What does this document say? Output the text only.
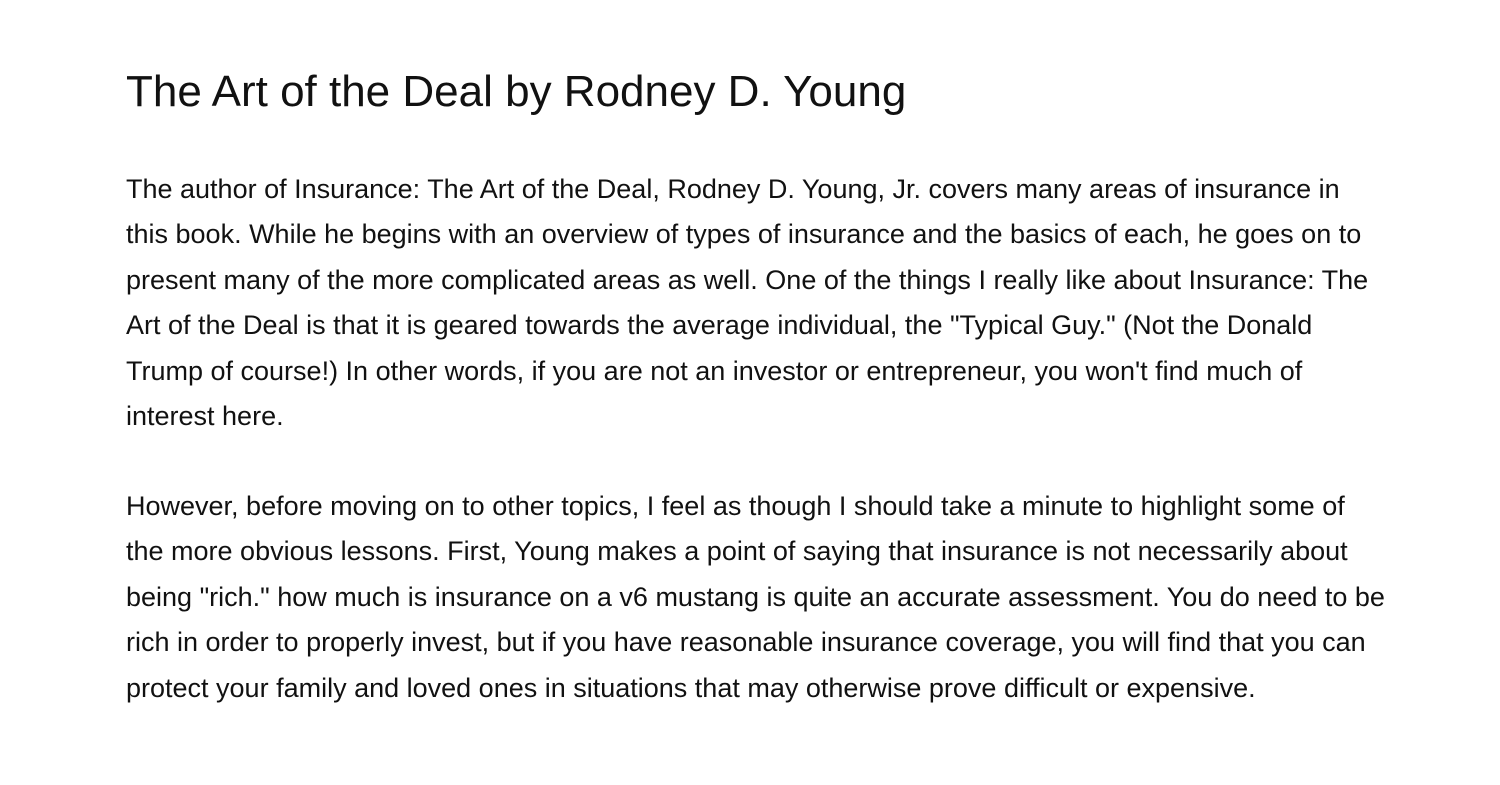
The Art of the Deal by Rodney D. Young

The author of Insurance: The Art of the Deal, Rodney D. Young, Jr. covers many areas of insurance in this book. While he begins with an overview of types of insurance and the basics of each, he goes on to present many of the more complicated areas as well. One of the things I really like about Insurance: The Art of the Deal is that it is geared towards the average individual, the "Typical Guy." (Not the Donald Trump of course!) In other words, if you are not an investor or entrepreneur, you won't find much of interest here.

However, before moving on to other topics, I feel as though I should take a minute to highlight some of the more obvious lessons. First, Young makes a point of saying that insurance is not necessarily about being "rich." how much is insurance on a v6 mustang is quite an accurate assessment. You do need to be rich in order to properly invest, but if you have reasonable insurance coverage, you will find that you can protect your family and loved ones in situations that may otherwise prove difficult or expensive.
